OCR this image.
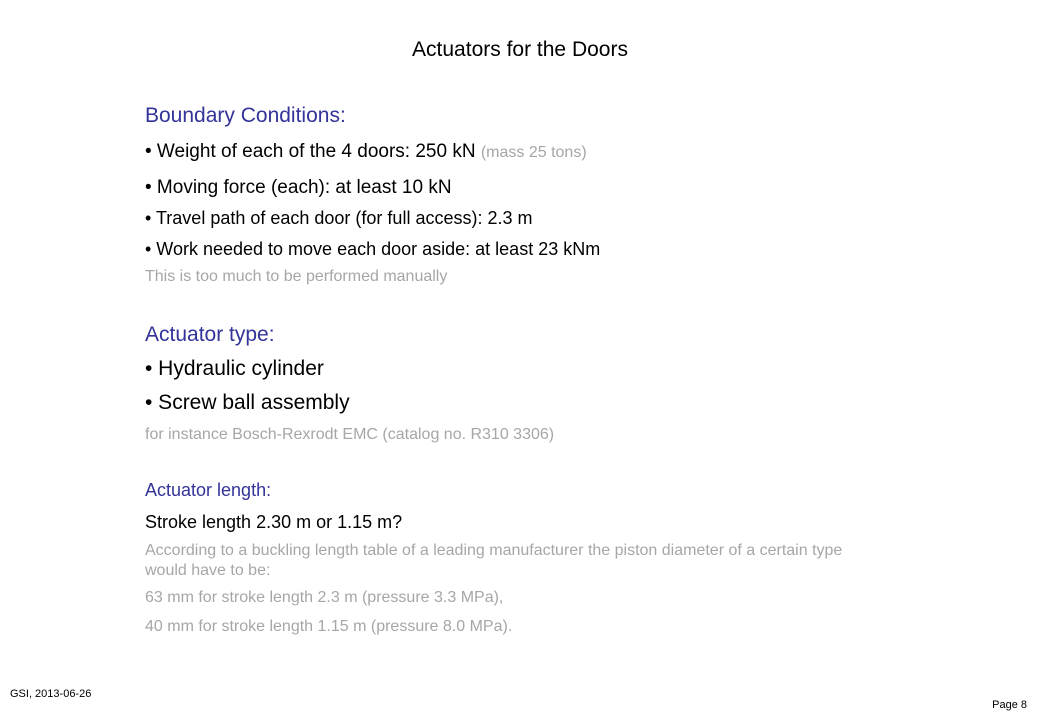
Actuators for the Doors
Boundary Conditions:
• Weight of each of the 4 doors: 250 kN (mass 25 tons)
• Moving force (each): at least 10 kN
• Travel path of each door (for full access): 2.3 m
• Work needed to move each door aside: at least 23 kNm
This is too much to be performed manually
Actuator type:
• Hydraulic cylinder
• Screw ball assembly
for instance Bosch-Rexrodt EMC (catalog no. R310 3306)
Actuator length:
Stroke length 2.30 m or 1.15 m?
According to a buckling length table of a leading manufacturer the piston diameter of a certain type would have to be:
63 mm for stroke length 2.3 m (pressure 3.3 MPa),
40 mm for stroke length 1.15 m (pressure 8.0 MPa).
GSI, 2013-06-26
Page 8
